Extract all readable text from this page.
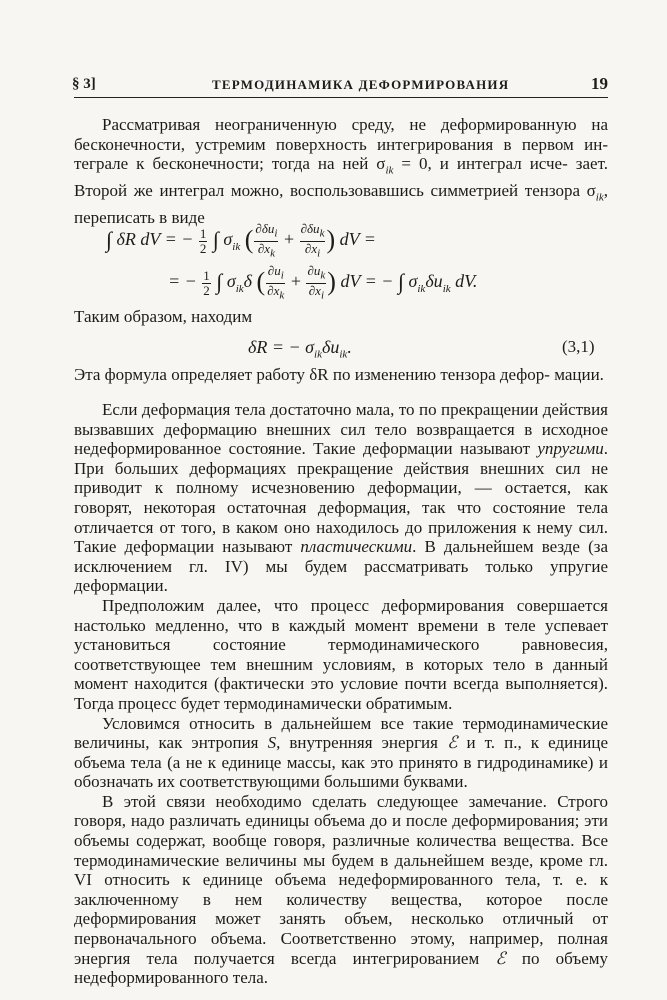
§ 3]	ТЕРМОДИНАМИКА ДЕФОРМИРОВАНИЯ	19

Рассматривая неограниченную среду, не деформированную на бесконечности, устремим поверхность интегрирования в первом ин- теграле к бесконечности; тогда на ней $\sigma_{ik} = 0$, и интеграл исче- зает. Второй же интеграл можно, воспользовавшись симметрией тензора $\sigma_{ik}$, переписать в виде

∫ δR dV = − $\frac{1}{2}$ ∫ $\sigma_{ik}$ ( $\frac{\partial\delta u_i}{\partial x_k} + \frac{\partial\delta u_k}{\partial x_i}$ ) dV =
= − $\frac{1}{2}$ ∫ $\sigma_{ik}\delta$ ( $\frac{\partial u_i}{\partial x_k} + \frac{\partial u_k}{\partial x_i}$ ) dV = − ∫ $\sigma_{ik}\delta u_{ik}$ dV.

Таким образом, находим

δR = − $\sigma_{ik}\delta u_{ik}$.	(3,1)

Эта формула определяет работу δR по изменению тензора дефор- мации.

Если деформация тела достаточно мала, то по прекращении действия вызвавших деформацию внешних сил тело возвращается в исходное недеформированное состояние. Такие деформации называют упругими. При больших деформациях прекращение действия внешних сил не приводит к полному исчезновению деформации, — остается, как говорят, некоторая остаточная деформация, так что состояние тела отличается от того, в каком оно находилось до приложения к нему сил. Такие деформации называют пластическими. В дальнейшем везде (за исключением гл. IV) мы будем рассматривать только упругие деформации.

Предположим далее, что процесс деформирования совершается настолько медленно, что в каждый момент времени в теле успевает установиться состояние термодинамического равновесия, соответствующее тем внешним условиям, в которых тело в данный момент находится (фактически это условие почти всегда выполняется). Тогда процесс будет термодинамически обратимым.

Условимся относить в дальнейшем все такие термодинамические величины, как энтропия S, внутренняя энергия ℰ и т. п., к единице объема тела (а не к единице массы, как это принято в гидродинамике) и обозначать их соответствующими большими буквами.

В этой связи необходимо сделать следующее замечание. Строго говоря, надо различать единицы объема до и после деформирования; эти объемы содержат, вообще говоря, различные количества вещества. Все термодинамические величины мы будем в дальнейшем везде, кроме гл. VI относить к единице объема недеформированного тела, т. е. к заключенному в нем количеству вещества, которое после деформирования может занять объем, несколько отличный от первоначального объема. Соответственно этому, например, полная энергия тела получается всегда интегрированием ℰ по объему недеформированного тела.
